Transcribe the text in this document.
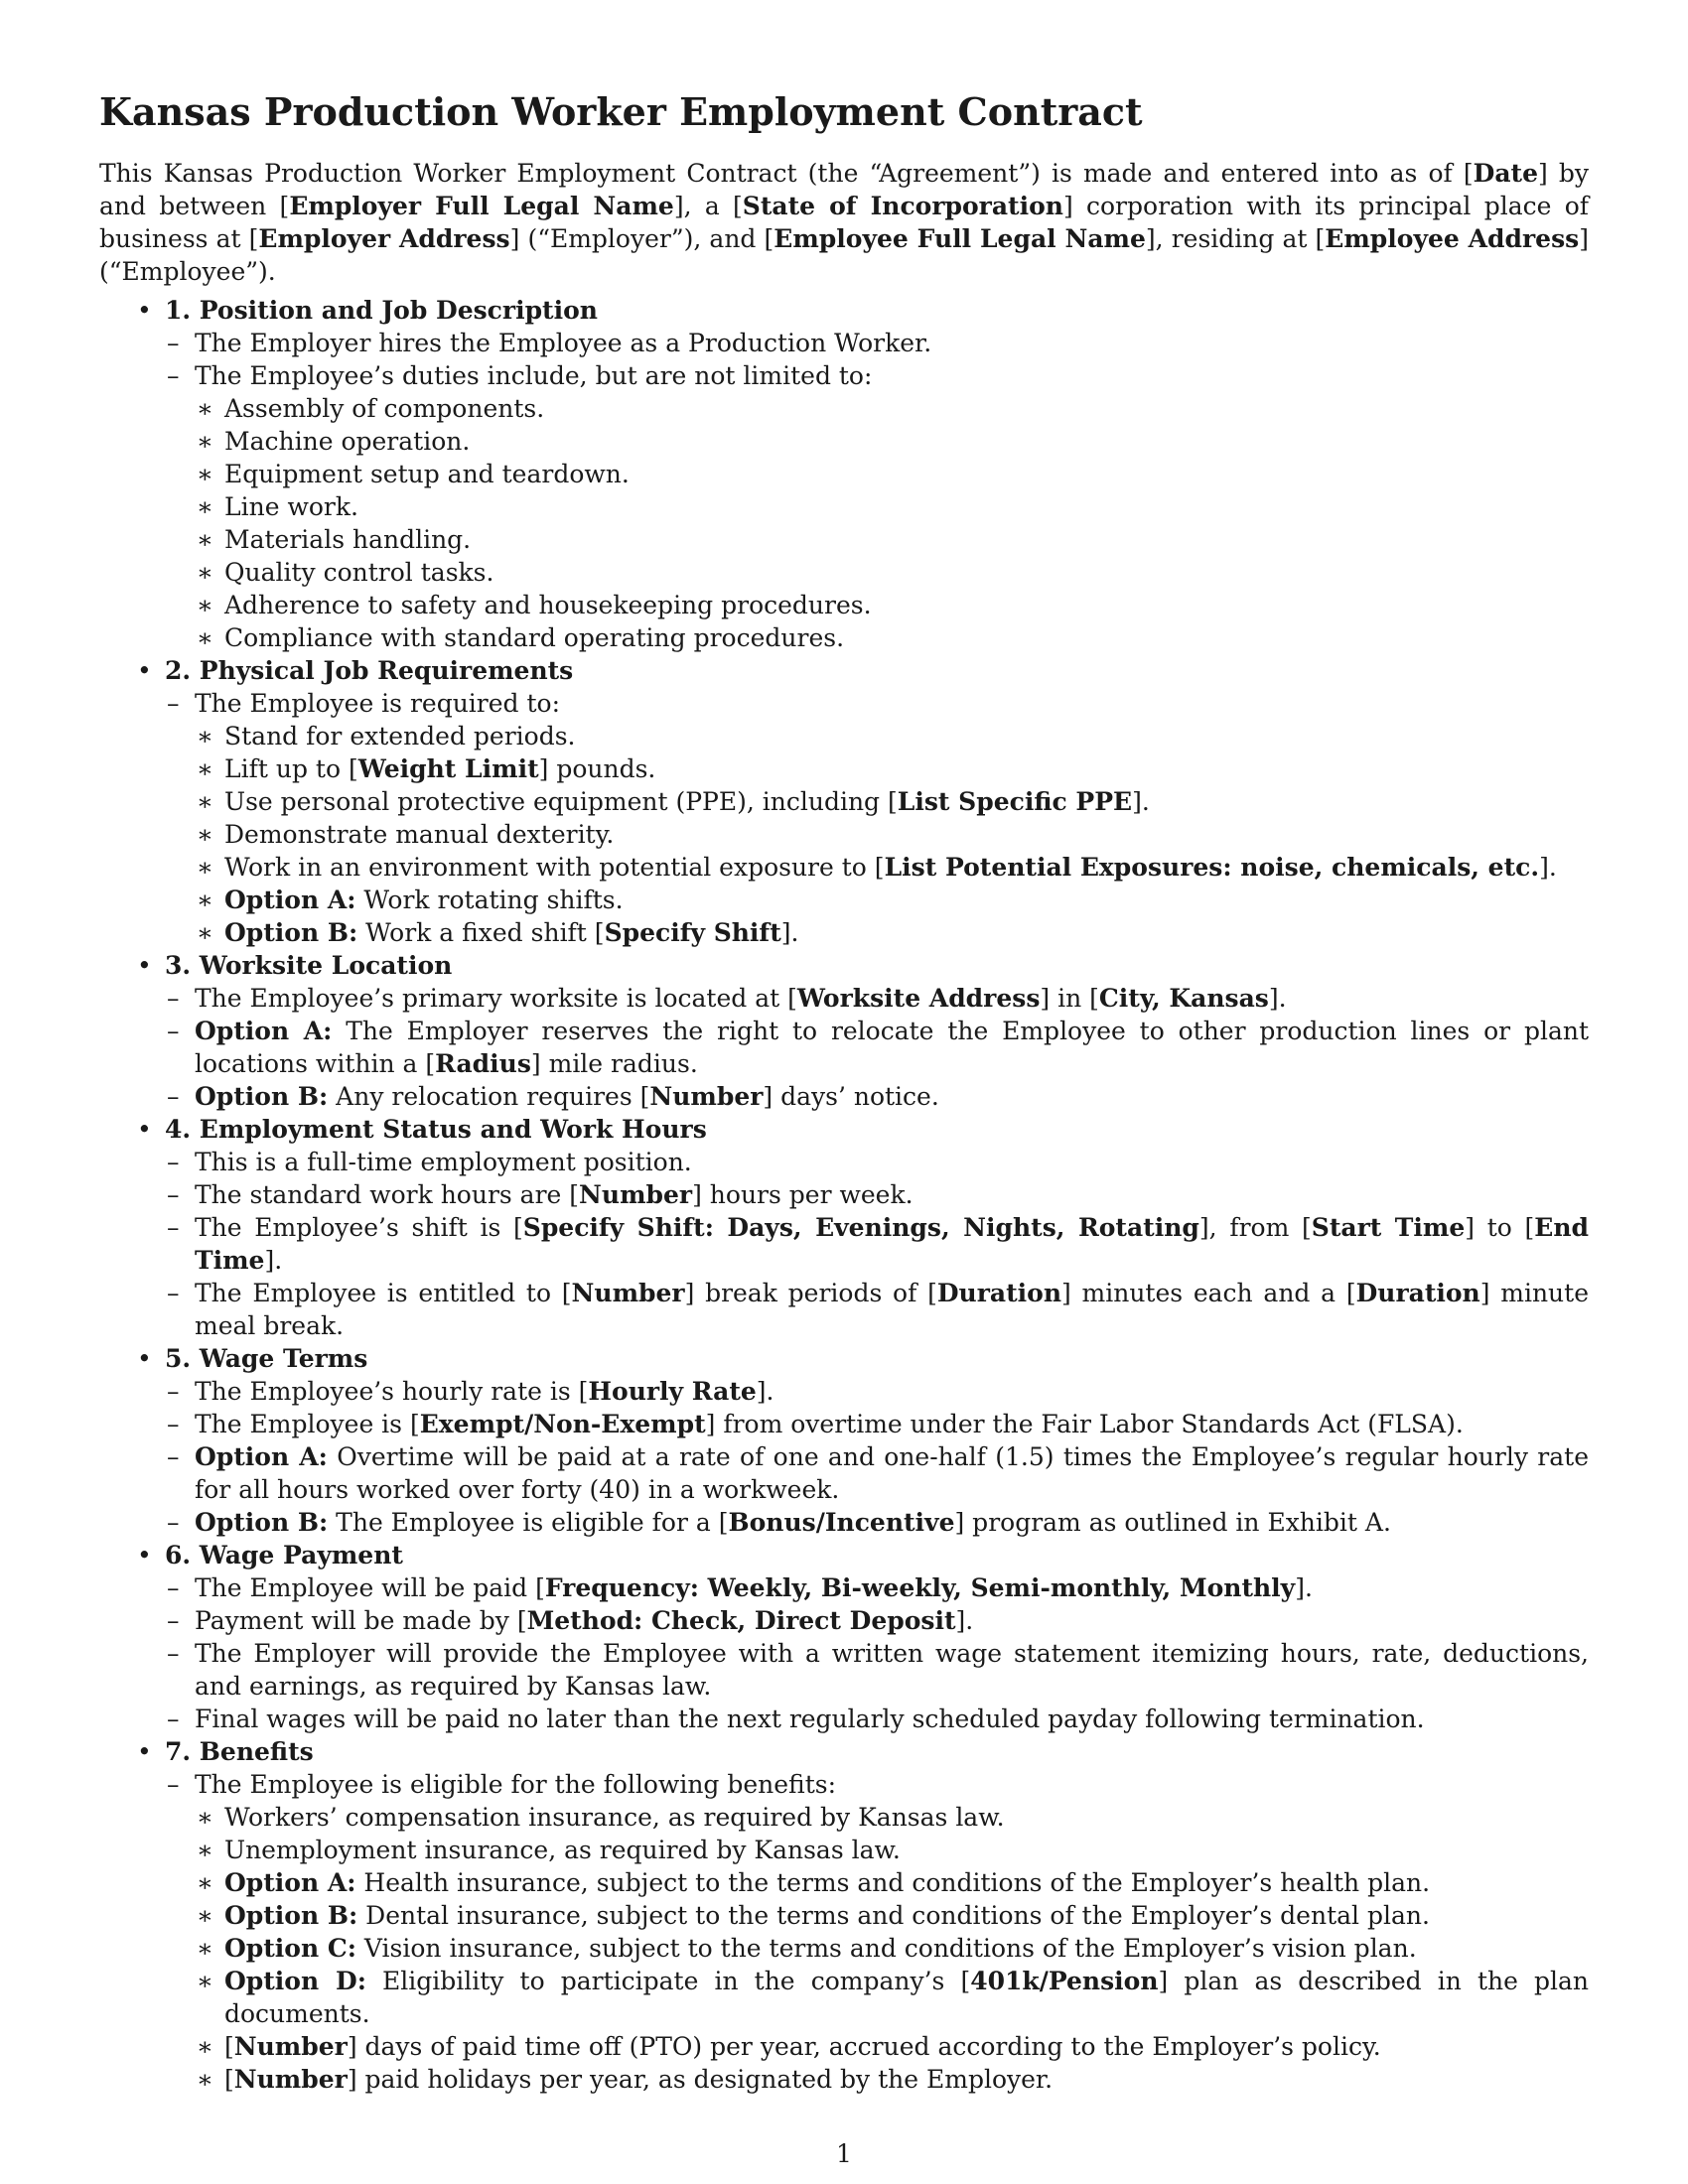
Kansas Production Worker Employment Contract

This Kansas Production Worker Employment Contract (the “Agreement”) is made and entered into as of [Date] by and between [Employer Full Legal Name], a [State of Incorporation] corporation with its principal place of business at [Employer Address] (“Employer”), and [Employee Full Legal Name], residing at [Employee Address] (“Employee”).

• 1. Position and Job Description
– The Employer hires the Employee as a Production Worker.
– The Employee’s duties include, but are not limited to:
∗ Assembly of components.
∗ Machine operation.
∗ Equipment setup and teardown.
∗ Line work.
∗ Materials handling.
∗ Quality control tasks.
∗ Adherence to safety and housekeeping procedures.
∗ Compliance with standard operating procedures.
• 2. Physical Job Requirements
– The Employee is required to:
∗ Stand for extended periods.
∗ Lift up to [Weight Limit] pounds.
∗ Use personal protective equipment (PPE), including [List Specific PPE].
∗ Demonstrate manual dexterity.
∗ Work in an environment with potential exposure to [List Potential Exposures: noise, chemicals, etc.].
∗ Option A: Work rotating shifts.
∗ Option B: Work a fixed shift [Specify Shift].
• 3. Worksite Location
– The Employee’s primary worksite is located at [Worksite Address] in [City, Kansas].
– Option A: The Employer reserves the right to relocate the Employee to other production lines or plant locations within a [Radius] mile radius.
– Option B: Any relocation requires [Number] days’ notice.
• 4. Employment Status and Work Hours
– This is a full-time employment position.
– The standard work hours are [Number] hours per week.
– The Employee’s shift is [Specify Shift: Days, Evenings, Nights, Rotating], from [Start Time] to [End Time].
– The Employee is entitled to [Number] break periods of [Duration] minutes each and a [Duration] minute meal break.
• 5. Wage Terms
– The Employee’s hourly rate is [Hourly Rate].
– The Employee is [Exempt/Non-Exempt] from overtime under the Fair Labor Standards Act (FLSA).
– Option A: Overtime will be paid at a rate of one and one-half (1.5) times the Employee’s regular hourly rate for all hours worked over forty (40) in a workweek.
– Option B: The Employee is eligible for a [Bonus/Incentive] program as outlined in Exhibit A.
• 6. Wage Payment
– The Employee will be paid [Frequency: Weekly, Bi-weekly, Semi-monthly, Monthly].
– Payment will be made by [Method: Check, Direct Deposit].
– The Employer will provide the Employee with a written wage statement itemizing hours, rate, deductions, and earnings, as required by Kansas law.
– Final wages will be paid no later than the next regularly scheduled payday following termination.
• 7. Benefits
– The Employee is eligible for the following benefits:
∗ Workers’ compensation insurance, as required by Kansas law.
∗ Unemployment insurance, as required by Kansas law.
∗ Option A: Health insurance, subject to the terms and conditions of the Employer’s health plan.
∗ Option B: Dental insurance, subject to the terms and conditions of the Employer’s dental plan.
∗ Option C: Vision insurance, subject to the terms and conditions of the Employer’s vision plan.
∗ Option D: Eligibility to participate in the company’s [401k/Pension] plan as described in the plan documents.
∗ [Number] days of paid time off (PTO) per year, accrued according to the Employer’s policy.
∗ [Number] paid holidays per year, as designated by the Employer.
1
